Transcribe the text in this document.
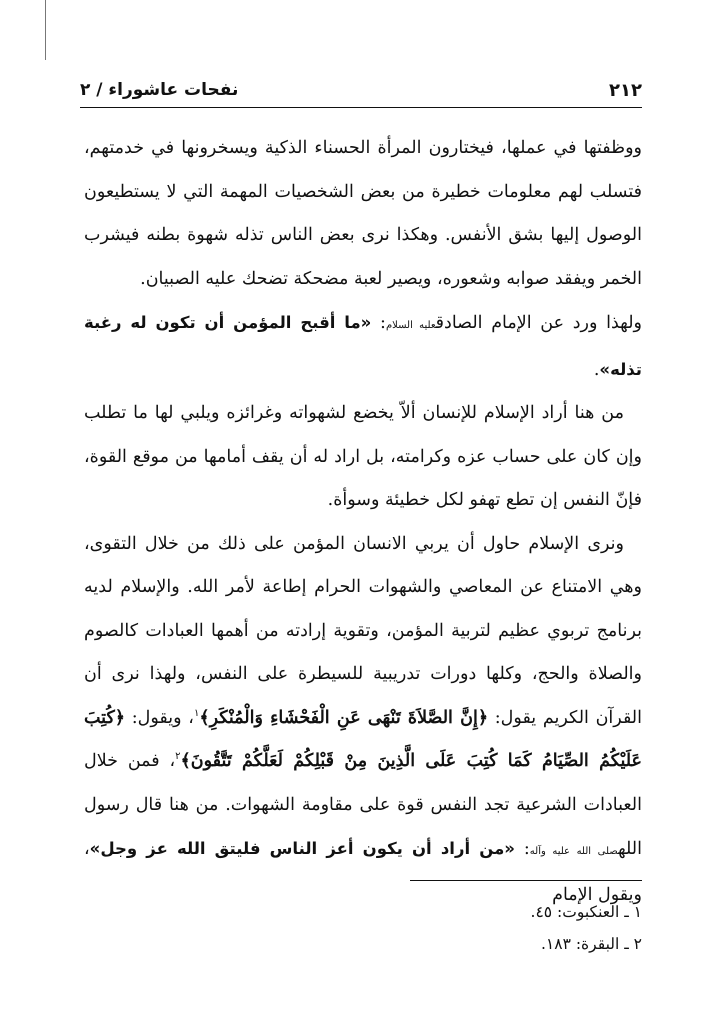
نفحات عاشوراء / ٢	٢١٢

ووظفتها في عملها، فيختارون المرأة الحسناء الذكية ويسخرونها في خدمتهم، فتسلب لهم معلومات خطيرة من بعض الشخصيات المهمة التي لا يستطيعون الوصول إليها بشق الأنفس. وهكذا نرى بعض الناس تذله شهوة بطنه فيشرب الخمر ويفقد صوابه وشعوره، ويصير لعبة مضحكة تضحك عليه الصبيان.

ولهذا ورد عن الإمام الصادقعليه السلام: «ما أقبح المؤمن أن تكون له رغبة تذله».

من هنا أراد الإسلام للإنسان ألاّ يخضع لشهواته وغرائزه ويلبي لها ما تطلب وإن كان على حساب عزه وكرامته، بل اراد له أن يقف أمامها من موقع القوة، فإنّ النفس إن تطع تهفو لكل خطيئة وسوأة.

ونرى الإسلام حاول أن يربي الانسان المؤمن على ذلك من خلال التقوى، وهي الامتناع عن المعاصي والشهوات الحرام إطاعة لأمر الله. والإسلام لديه برنامج تربوي عظيم لتربية المؤمن، وتقوية إرادته من أهمها العبادات كالصوم والصلاة والحج، وكلها دورات تدريبية للسيطرة على النفس، ولهذا نرى أن القرآن الكريم يقول: ﴿إِنَّ الصَّلاَةَ تَنْهَى عَنِ الْفَحْشَاءِ وَالْمُنْكَرِ﴾$^١$، ويقول: ﴿كُتِبَ عَلَيْكُمُ الصِّيَامُ كَمَا كُتِبَ عَلَى الَّذِينَ مِنْ قَبْلِكُمْ لَعَلَّكُمْ تَتَّقُونَ﴾$^٢$، فمن خلال العبادات الشرعية تجد النفس قوة على مقاومة الشهوات. من هنا قال رسول اللهصلى الله عليه وآله: «من أراد أن يكون أعز الناس فليتق الله عز وجل»، ويقول الإمام

١ ـ العنكبوت: ٤٥.
٢ ـ البقرة: ١٨٣.
